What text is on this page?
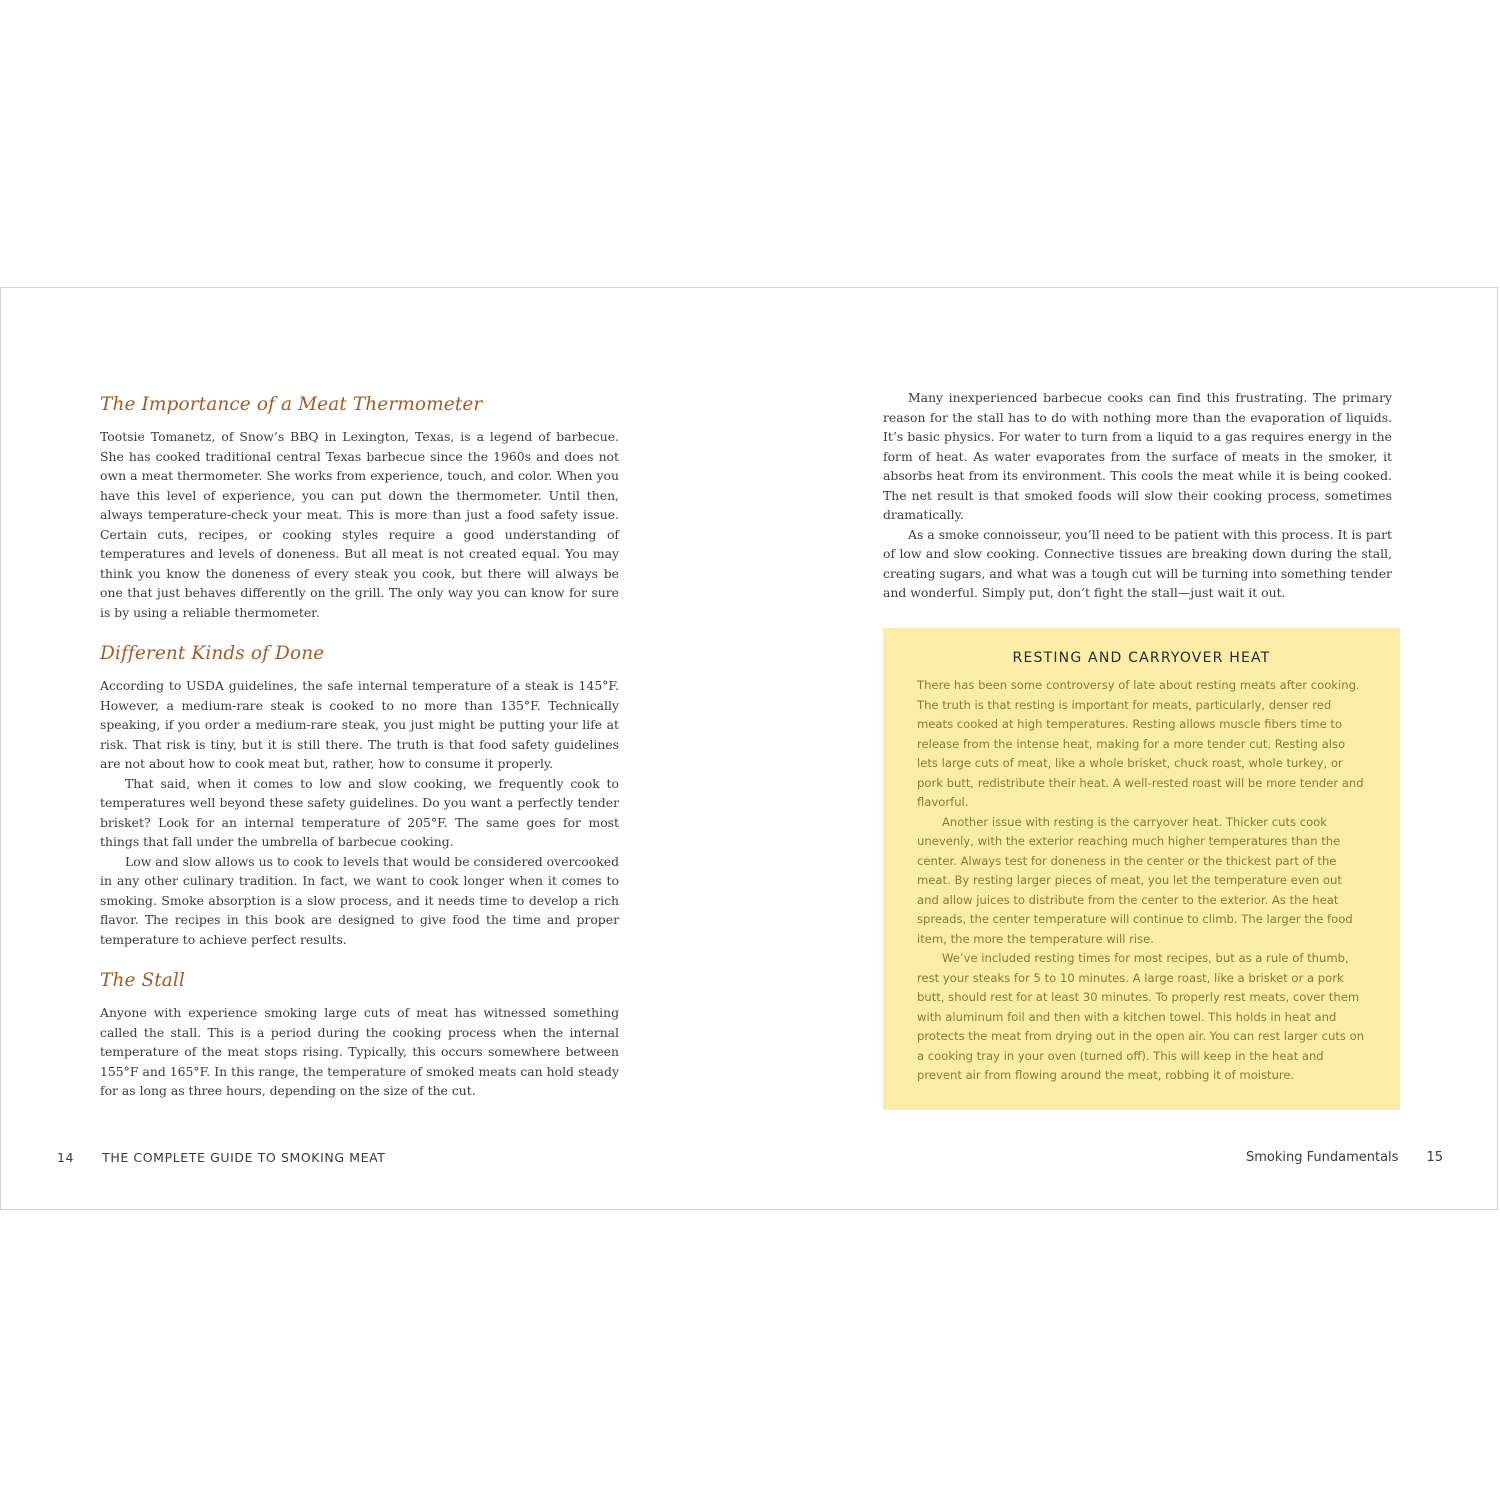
The Importance of a Meat Thermometer

Tootsie Tomanetz, of Snow’s BBQ in Lexington, Texas, is a legend of barbecue. She has cooked traditional central Texas barbecue since the 1960s and does not own a meat thermometer. She works from experience, touch, and color. When you have this level of experience, you can put down the thermometer. Until then, always temperature-check your meat. This is more than just a food safety issue. Certain cuts, recipes, or cooking styles require a good understanding of temperatures and levels of doneness. But all meat is not created equal. You may think you know the doneness of every steak you cook, but there will always be one that just behaves differently on the grill. The only way you can know for sure is by using a reliable thermometer.

Different Kinds of Done

According to USDA guidelines, the safe internal temperature of a steak is 145°F. However, a medium-rare steak is cooked to no more than 135°F. Technically speaking, if you order a medium-rare steak, you just might be putting your life at risk. That risk is tiny, but it is still there. The truth is that food safety guidelines are not about how to cook meat but, rather, how to consume it properly.

That said, when it comes to low and slow cooking, we frequently cook to temperatures well beyond these safety guidelines. Do you want a perfectly tender brisket? Look for an internal temperature of 205°F. The same goes for most things that fall under the umbrella of barbecue cooking.

Low and slow allows us to cook to levels that would be considered overcooked in any other culinary tradition. In fact, we want to cook longer when it comes to smoking. Smoke absorption is a slow process, and it needs time to develop a rich flavor. The recipes in this book are designed to give food the time and proper temperature to achieve perfect results.

The Stall

Anyone with experience smoking large cuts of meat has witnessed something called the stall. This is a period during the cooking process when the internal temperature of the meat stops rising. Typically, this occurs somewhere between 155°F and 165°F. In this range, the temperature of smoked meats can hold steady for as long as three hours, depending on the size of the cut.

14 THE COMPLETE GUIDE TO SMOKING MEAT

Many inexperienced barbecue cooks can find this frustrating. The primary reason for the stall has to do with nothing more than the evaporation of liquids. It’s basic physics. For water to turn from a liquid to a gas requires energy in the form of heat. As water evaporates from the surface of meats in the smoker, it absorbs heat from its environment. This cools the meat while it is being cooked. The net result is that smoked foods will slow their cooking process, sometimes dramatically.

As a smoke connoisseur, you’ll need to be patient with this process. It is part of low and slow cooking. Connective tissues are breaking down during the stall, creating sugars, and what was a tough cut will be turning into something tender and wonderful. Simply put, don’t fight the stall—just wait it out.

RESTING AND CARRYOVER HEAT

There has been some controversy of late about resting meats after cooking. The truth is that resting is important for meats, particularly, denser red meats cooked at high temperatures. Resting allows muscle fibers time to release from the intense heat, making for a more tender cut. Resting also lets large cuts of meat, like a whole brisket, chuck roast, whole turkey, or pork butt, redistribute their heat. A well-rested roast will be more tender and flavorful.

Another issue with resting is the carryover heat. Thicker cuts cook unevenly, with the exterior reaching much higher temperatures than the center. Always test for doneness in the center or the thickest part of the meat. By resting larger pieces of meat, you let the temperature even out and allow juices to distribute from the center to the exterior. As the heat spreads, the center temperature will continue to climb. The larger the food item, the more the temperature will rise.

We’ve included resting times for most recipes, but as a rule of thumb, rest your steaks for 5 to 10 minutes. A large roast, like a brisket or a pork butt, should rest for at least 30 minutes. To properly rest meats, cover them with aluminum foil and then with a kitchen towel. This holds in heat and protects the meat from drying out in the open air. You can rest larger cuts on a cooking tray in your oven (turned off). This will keep in the heat and prevent air from flowing around the meat, robbing it of moisture.

Smoking Fundamentals 15
